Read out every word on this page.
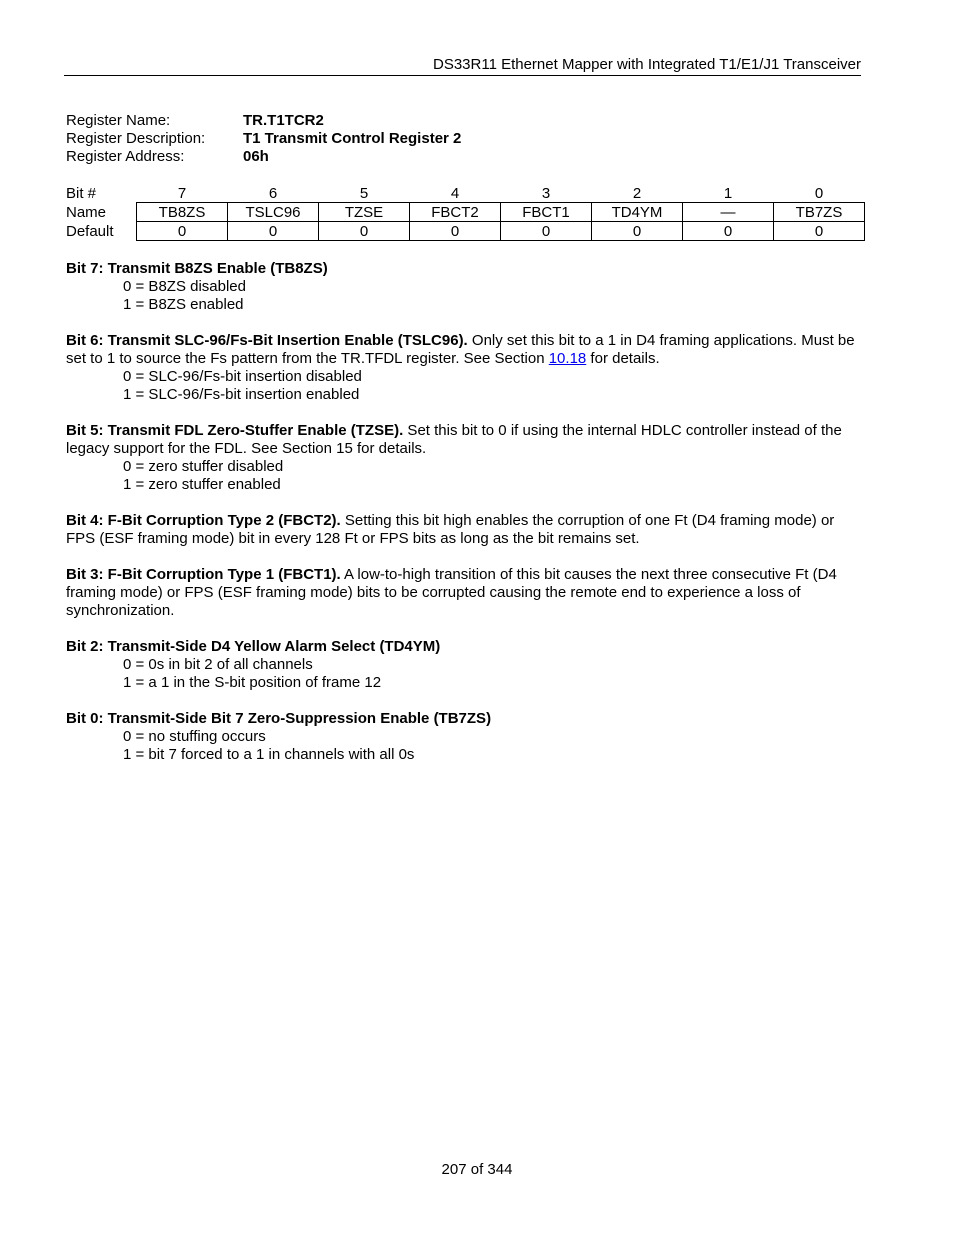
DS33R11 Ethernet Mapper with Integrated T1/E1/J1 Transceiver
Register Name:	TR.T1TCR2
Register Description:	T1 Transmit Control Register 2
Register Address:	06h
Bit #	7	6	5	4	3	2	1	0
Name	TB8ZS	TSLC96	TZSE	FBCT2	FBCT1	TD4YM	—	TB7ZS
Default	0	0	0	0	0	0	0	0

Bit 7: Transmit B8ZS Enable (TB8ZS)

0 = B8ZS disabled

1 = B8ZS enabled

Bit 6: Transmit SLC-96/Fs-Bit Insertion Enable (TSLC96). Only set this bit to a 1 in D4 framing applications. Must be set to 1 to source the Fs pattern from the TR.TFDL register. See Section 10.18 for details.

0 = SLC-96/Fs-bit insertion disabled

1 = SLC-96/Fs-bit insertion enabled

Bit 5: Transmit FDL Zero-Stuffer Enable (TZSE). Set this bit to 0 if using the internal HDLC controller instead of the legacy support for the FDL. See Section 15 for details.

0 = zero stuffer disabled

1 = zero stuffer enabled

Bit 4: F-Bit Corruption Type 2 (FBCT2). Setting this bit high enables the corruption of one Ft (D4 framing mode) or FPS (ESF framing mode) bit in every 128 Ft or FPS bits as long as the bit remains set.

Bit 3: F-Bit Corruption Type 1 (FBCT1). A low-to-high transition of this bit causes the next three consecutive Ft (D4 framing mode) or FPS (ESF framing mode) bits to be corrupted causing the remote end to experience a loss of synchronization.

Bit 2: Transmit-Side D4 Yellow Alarm Select (TD4YM)

0 = 0s in bit 2 of all channels

1 = a 1 in the S-bit position of frame 12

Bit 0: Transmit-Side Bit 7 Zero-Suppression Enable (TB7ZS)

0 = no stuffing occurs

1 = bit 7 forced to a 1 in channels with all 0s

207 of 344
